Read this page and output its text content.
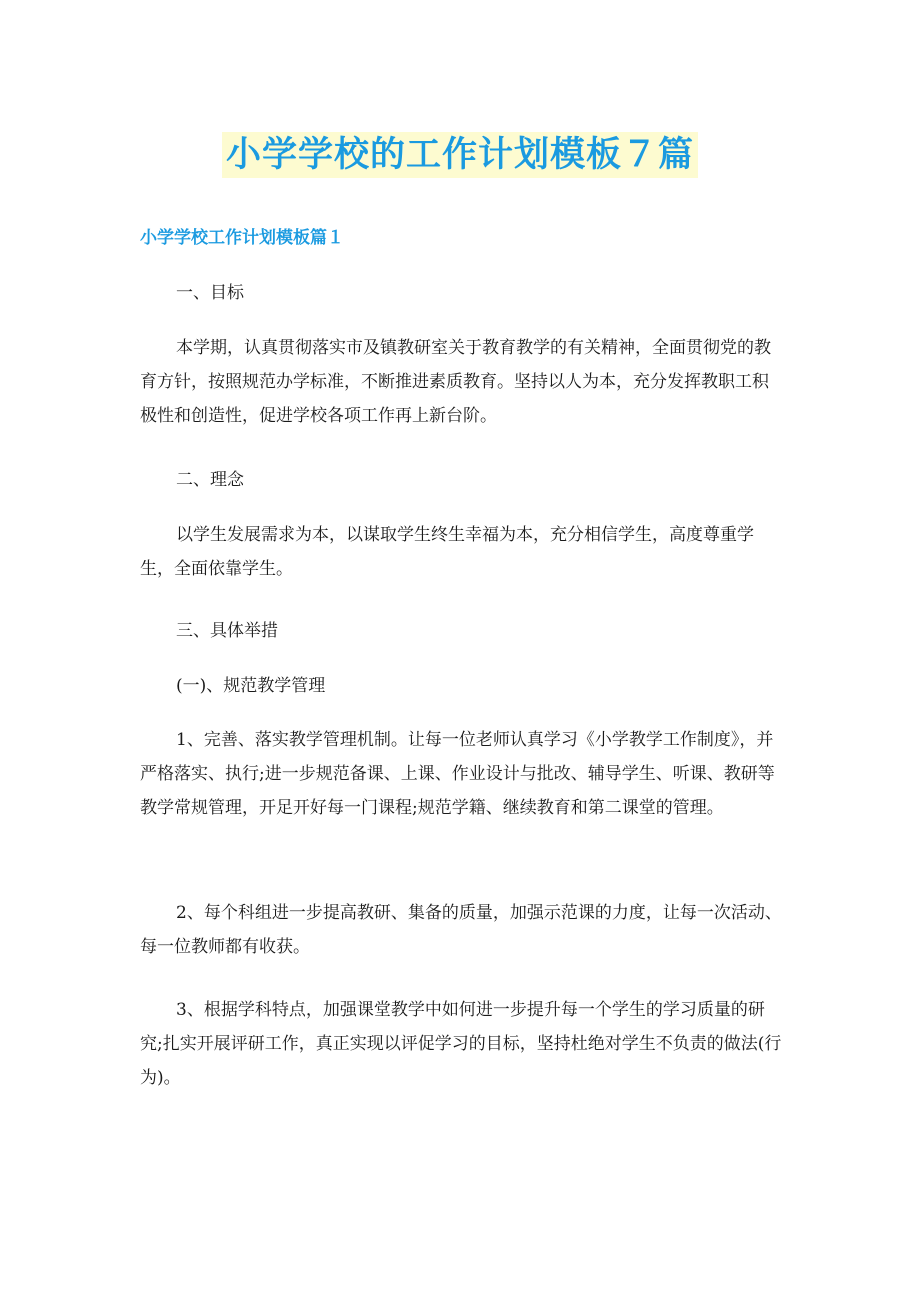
小学学校的工作计划模板７篇
小学学校工作计划模板篇１

一、目标

本学期，认真贯彻落实市及镇教研室关于教育教学的有关精神，全面贯彻党的教育方针，按照规范办学标准，不断推进素质教育。坚持以人为本，充分发挥教职工积极性和创造性，促进学校各项工作再上新台阶。

二、理念

以学生发展需求为本，以谋取学生终生幸福为本，充分相信学生，高度尊重学生，全面依靠学生。

三、具体举措

(一)、规范教学管理

1、完善、落实教学管理机制。让每一位老师认真学习《小学教学工作制度》，并严格落实、执行;进一步规范备课、上课、作业设计与批改、辅导学生、听课、教研等教学常规管理，开足开好每一门课程;规范学籍、继续教育和第二课堂的管理。

2、每个科组进一步提高教研、集备的质量，加强示范课的力度，让每一次活动、每一位教师都有收获。

3、根据学科特点，加强课堂教学中如何进一步提升每一个学生的学习质量的研究;扎实开展评研工作，真正实现以评促学习的目标，坚持杜绝对学生不负责的做法(行为)。
